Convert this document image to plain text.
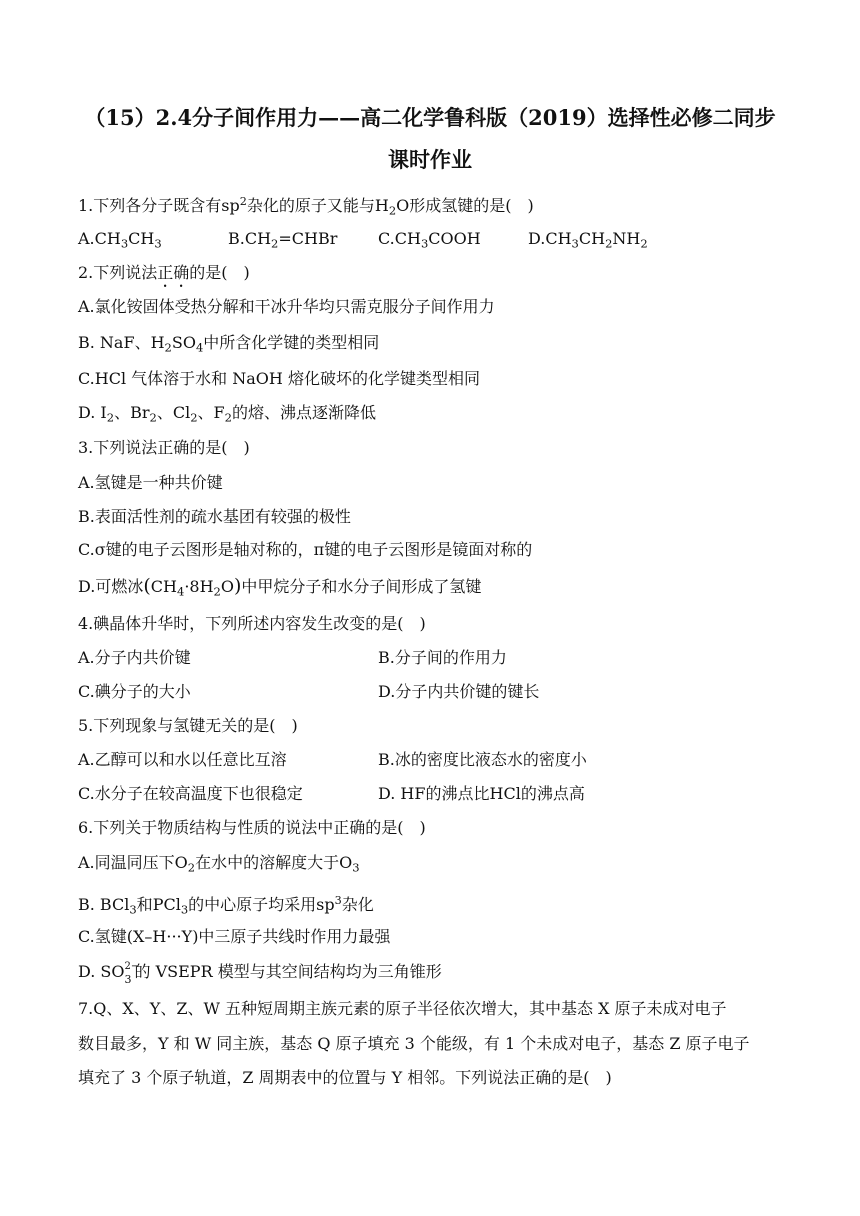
（15）2.4分子间作用力——高二化学鲁科版（2019）选择性必修二同步
课时作业
1.下列各分子既含有$sp^2$杂化的原子又能与$H_2O$形成氢键的是(　)
$A.CH_3CH_3$	$B.CH_2=CHBr$	$C.CH_3COOH$	$D.CH_3CH_2NH_2$
2.下列说法正确的是(　)
A.氯化铵固体受热分解和干冰升华均只需克服分子间作用力
B. NaF、$H_2SO_4$中所含化学键的类型相同
C.HCl 气体溶于水和 NaOH 熔化破坏的化学键类型相同
D. $I_2$、$Br_2$、$Cl_2$、$F_2$的熔、沸点逐渐降低
3.下列说法正确的是(　)
A.氢键是一种共价键
B.表面活性剂的疏水基团有较强的极性
C.σ键的电子云图形是轴对称的，π键的电子云图形是镜面对称的
D.可燃冰$(CH_4\cdot 8H_2O)$中甲烷分子和水分子间形成了氢键
4.碘晶体升华时，下列所述内容发生改变的是(　)
A.分子内共价键	B.分子间的作用力
C.碘分子的大小	D.分子内共价键的键长
5.下列现象与氢键无关的是(　)
A.乙醇可以和水以任意比互溶	B.冰的密度比液态水的密度小
C.水分子在较高温度下也很稳定	D. HF的沸点比HCl的沸点高
6.下列关于物质结构与性质的说法中正确的是(　)
A.同温同压下$O_2$在水中的溶解度大于$O_3$
B. BCl$_3$和PCl$_3$的中心原子均采用$sp^3$杂化
C.氢键(X–H···Y)中三原子共线时作用力最强
D. SO 2−
3 的 VSEPR 模型与其空间结构均为三角锥形
7.Q、X、Y、Z、W 五种短周期主族元素的原子半径依次增大，其中基态 X 原子未成对电子
数目最多，Y 和 W 同主族，基态 Q 原子填充 3 个能级，有 1 个未成对电子，基态 Z 原子电子
填充了 3 个原子轨道，Z 周期表中的位置与 Y 相邻。下列说法正确的是(　)
